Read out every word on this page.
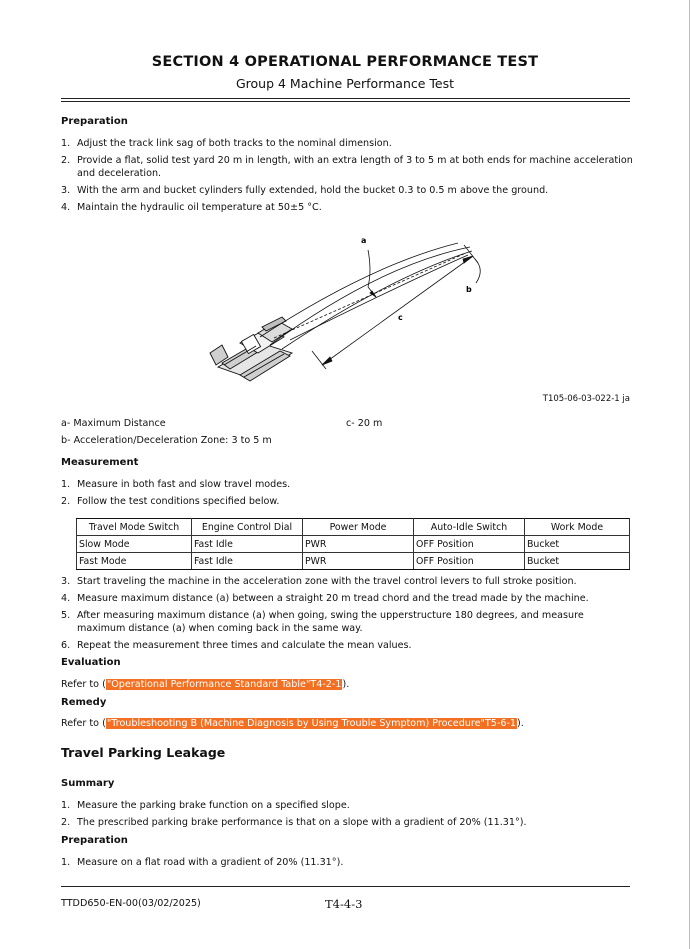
SECTION 4 OPERATIONAL PERFORMANCE TEST
Group 4 Machine Performance Test
Preparation
1. Adjust the track link sag of both tracks to the nominal dimension.
2. Provide a flat, solid test yard 20 m in length, with an extra length of 3 to 5 m at both ends for machine acceleration and deceleration.
3. With the arm and bucket cylinders fully extended, hold the bucket 0.3 to 0.5 m above the ground.
4. Maintain the hydraulic oil temperature at 50±5 °C.
a
b
c
T105-06-03-022-1 ja
a- Maximum Distance
b- Acceleration/Deceleration Zone: 3 to 5 m
c- 20 m
Measurement
1. Measure in both fast and slow travel modes.
2. Follow the test conditions specified below.
Travel Mode Switch	Engine Control Dial	Power Mode	Auto-Idle Switch	Work Mode
Slow Mode	Fast Idle	PWR	OFF Position	Bucket
Fast Mode	Fast Idle	PWR	OFF Position	Bucket
3. Start traveling the machine in the acceleration zone with the travel control levers to full stroke position.
4. Measure maximum distance (a) between a straight 20 m tread chord and the tread made by the machine.
5. After measuring maximum distance (a) when going, swing the upperstructure 180 degrees, and measure maximum distance (a) when coming back in the same way.
6. Repeat the measurement three times and calculate the mean values.
Evaluation
Refer to ("Operational Performance Standard Table"T4-2-1).
Remedy
Refer to ("Troubleshooting B (Machine Diagnosis by Using Trouble Symptom) Procedure"T5-6-1).
Travel Parking Leakage
Summary
1. Measure the parking brake function on a specified slope.
2. The prescribed parking brake performance is that on a slope with a gradient of 20% (11.31°).
Preparation
1. Measure on a flat road with a gradient of 20% (11.31°).
TTDD650-EN-00(03/02/2025)	T4-4-3
